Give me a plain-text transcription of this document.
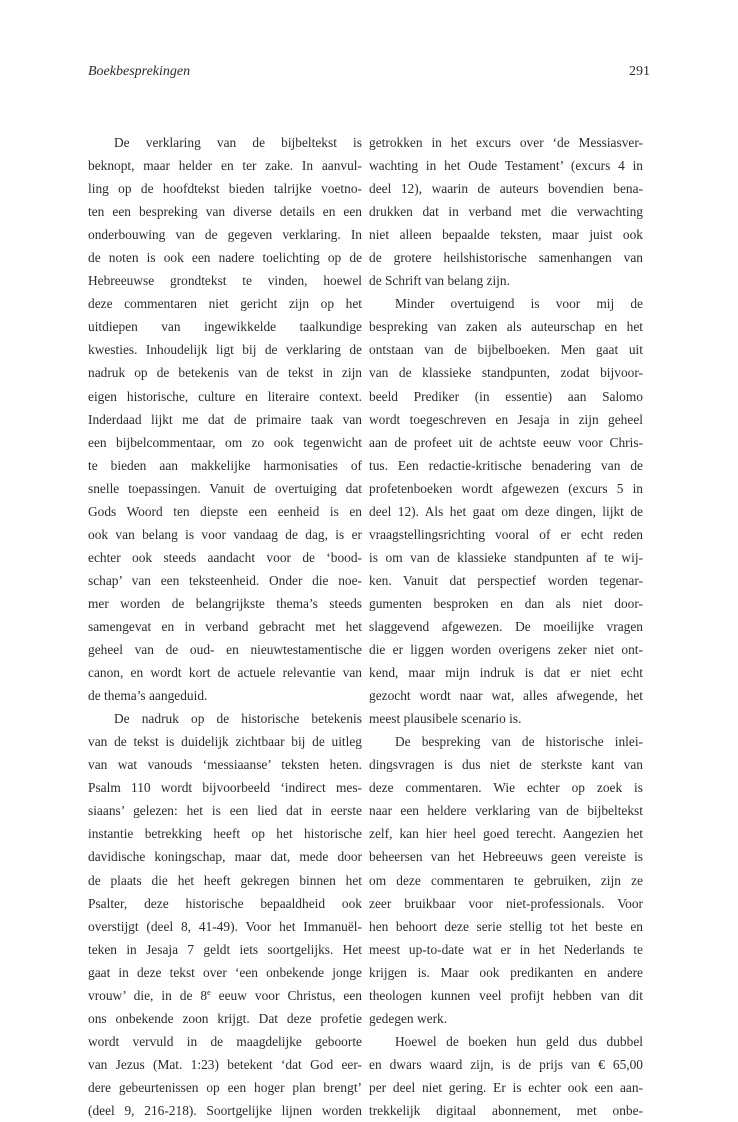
Boekbesprekingen	291
De verklaring van de bijbeltekst is
beknopt, maar helder en ter zake. In aanvul-
ling op de hoofdtekst bieden talrijke voetno-
ten een bespreking van diverse details en een
onderbouwing van de gegeven verklaring. In
de noten is ook een nadere toelichting op de
Hebreeuwse grondtekst te vinden, hoewel
deze commentaren niet gericht zijn op het
uitdiepen van ingewikkelde taalkundige
kwesties. Inhoudelijk ligt bij de verklaring de
nadruk op de betekenis van de tekst in zijn
eigen historische, culture en literaire context.
Inderdaad lijkt me dat de primaire taak van
een bijbelcommentaar, om zo ook tegenwicht
te bieden aan makkelijke harmonisaties of
snelle toepassingen. Vanuit de overtuiging dat
Gods Woord ten diepste een eenheid is en
ook van belang is voor vandaag de dag, is er
echter ook steeds aandacht voor de ‘bood-
schap’ van een teksteenheid. Onder die noe-
mer worden de belangrijkste thema’s steeds
samengevat en in verband gebracht met het
geheel van de oud- en nieuwtestamentische
canon, en wordt kort de actuele relevantie van
de thema’s aangeduid.
De nadruk op de historische betekenis
van de tekst is duidelijk zichtbaar bij de uitleg
van wat vanouds ‘messiaanse’ teksten heten.
Psalm 110 wordt bijvoorbeeld ‘indirect mes-
siaans’ gelezen: het is een lied dat in eerste
instantie betrekking heeft op het historische
davidische koningschap, maar dat, mede door
de plaats die het heeft gekregen binnen het
Psalter, deze historische bepaaldheid ook
overstijgt (deel 8, 41-49). Voor het Immanuël-
teken in Jesaja 7 geldt iets soortgelijks. Het
gaat in deze tekst over ‘een onbekende jonge
vrouw’ die, in de 8e eeuw voor Christus, een
ons onbekende zoon krijgt. Dat deze profetie
wordt vervuld in de maagdelijke geboorte
van Jezus (Mat. 1:23) betekent ‘dat God eer-
dere gebeurtenissen op een hoger plan brengt’
(deel 9, 216-218). Soortgelijke lijnen worden
getrokken in het excurs over ‘de Messiasver-
wachting in het Oude Testament’ (excurs 4 in
deel 12), waarin de auteurs bovendien bena-
drukken dat in verband met die verwachting
niet alleen bepaalde teksten, maar juist ook
de grotere heilshistorische samenhangen van
de Schrift van belang zijn.
Minder overtuigend is voor mij de
bespreking van zaken als auteurschap en het
ontstaan van de bijbelboeken. Men gaat uit
van de klassieke standpunten, zodat bijvoor-
beeld Prediker (in essentie) aan Salomo
wordt toegeschreven en Jesaja in zijn geheel
aan de profeet uit de achtste eeuw voor Chris-
tus. Een redactie-kritische benadering van de
profetenboeken wordt afgewezen (excurs 5 in
deel 12). Als het gaat om deze dingen, lijkt de
vraagstellingsrichting vooral of er echt reden
is om van de klassieke standpunten af te wij-
ken. Vanuit dat perspectief worden tegenar-
gumenten besproken en dan als niet door-
slaggevend afgewezen. De moeilijke vragen
die er liggen worden overigens zeker niet ont-
kend, maar mijn indruk is dat er niet echt
gezocht wordt naar wat, alles afwegende, het
meest plausibele scenario is.
De bespreking van de historische inlei-
dingsvragen is dus niet de sterkste kant van
deze commentaren. Wie echter op zoek is
naar een heldere verklaring van de bijbeltekst
zelf, kan hier heel goed terecht. Aangezien het
beheersen van het Hebreeuws geen vereiste is
om deze commentaren te gebruiken, zijn ze
zeer bruikbaar voor niet-professionals. Voor
hen behoort deze serie stellig tot het beste en
meest up-to-date wat er in het Nederlands te
krijgen is. Maar ook predikanten en andere
theologen kunnen veel profijt hebben van dit
gedegen werk.
Hoewel de boeken hun geld dus dubbel
en dwars waard zijn, is de prijs van € 65,00
per deel niet gering. Er is echter ook een aan-
trekkelijk digitaal abonnement, met onbe-
